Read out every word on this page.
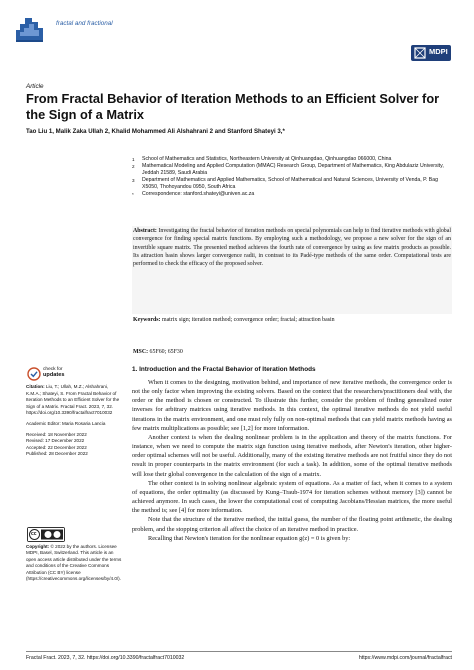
fractal and fractional
MDPI
Article
From Fractal Behavior of Iteration Methods to an Efficient Solver for the Sign of a Matrix
Tao Liu 1, Malik Zaka Ullah 2, Khalid Mohammed Ali Alshahrani 2 and Stanford Shateyi 3,*
1	School of Mathematics and Statistics, Northeastern University at Qinhuangdao, Qinhuangdao 066000, China
2	Mathematical Modeling and Applied Computation (MMAC) Research Group, Department of Mathematics, King Abdulaziz University, Jeddah 21589, Saudi Arabia
3	Department of Mathematics and Applied Mathematics, School of Mathematical and Natural Sciences, University of Venda, P. Bag X5050, Thohoyandou 0950, South Africa
*	Correspondence: stanford.shateyi@univen.ac.za
Abstract: Investigating the fractal behavior of iteration methods on special polynomials can help to find iterative methods with global convergence for finding special matrix functions. By employing such a methodology, we propose a new solver for the sign of an invertible square matrix. The presented method achieves the fourth rate of convergence by using as few matrix products as possible. Its attraction basin shows larger convergence radii, in contrast to its Padé-type methods of the same order. Computational tests are performed to check the efficacy of the proposed solver.
Keywords: matrix sign; iteration method; convergence order; fractal; attraction basin
MSC: 65F60; 65F30
1. Introduction and the Fractal Behavior of Iteration Methods

When it comes to the designing, motivation behind, and importance of new iterative methods, the convergence order is not the only factor when improving the existing solvers. Based on the context that the researchers/practitioners deal with, the order or the method is chosen or constructed. To illustrate this further, consider the problem of finding generalized outer inverses for arbitrary matrices using iterative methods. In this context, the optimal iterative methods do not yield useful iterations in the matrix environment, and one must rely fully on non-optimal methods that can yield matrix methods having as few matrix multiplications as possible; see [1,2] for more information.

Another context is when the dealing nonlinear problem is in the application and theory of the matrix functions. For instance, when we need to compute the matrix sign function using iterative methods, after Newton's iteration, other higher-order optimal schemes will not be useful. Additionally, many of the existing iterative methods are not fruitful since they do not result in proper counterparts in the matrix environment (for such a task). In addition, some of the optimal iterative methods will lose their global convergence in the calculation of the sign of a matrix.

The other context is in solving nonlinear algebraic system of equations. As a matter of fact, when it comes to a system of equations, the order optimality (as discussed by Kung–Traub-1974 for iteration schemes without memory [3]) cannot be achieved anymore. In such cases, the lower the computational cost of computing Jacobians/Hessian matrices, the more useful the method is; see [4] for more information.

Note that the structure of the iterative method, the initial guess, the number of the floating point arithmetic, the dealing problem, and the stopping criterion all affect the choice of an iterative method in practice.

Recalling that Newton's iteration for the nonlinear equation g(z) = 0 is given by:

check for
updates
Citation: Liu, T.; Ullah, M.Z.; Alshahrani, K.M.A.; Shateyi, S. From Fractal Behavior of Iteration Methods to an Efficient Solver for the Sign of a Matrix. Fractal Fract. 2023, 7, 32. https://doi.org/10.3390/fractalfract7010032
Academic Editor: Maria Rosaria Lancia
Received: 18 November 2022
Revised: 17 December 2022
Accepted: 22 December 2022
Published: 28 December 2022
cc
Copyright: © 2022 by the authors. Licensee MDPI, Basel, Switzerland. This article is an open access article distributed under the terms and conditions of the Creative Commons Attribution (CC BY) license (https://creativecommons.org/licenses/by/4.0/).
Fractal Fract. 2023, 7, 32. https://doi.org/10.3390/fractalfract7010032	https://www.mdpi.com/journal/fractalfract
